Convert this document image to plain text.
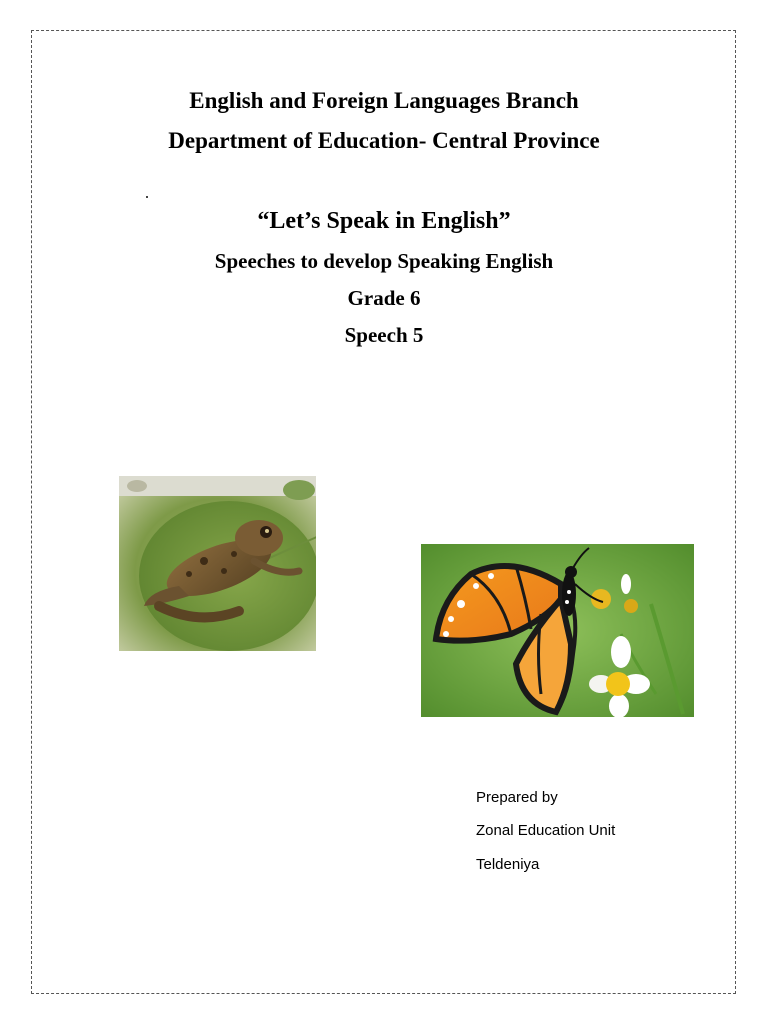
English and Foreign Languages Branch
Department of Education- Central Province
“Let’s Speak in English”
Speeches to develop Speaking English
Grade 6
Speech 5
Prepared by
Zonal Education Unit
Teldeniya
